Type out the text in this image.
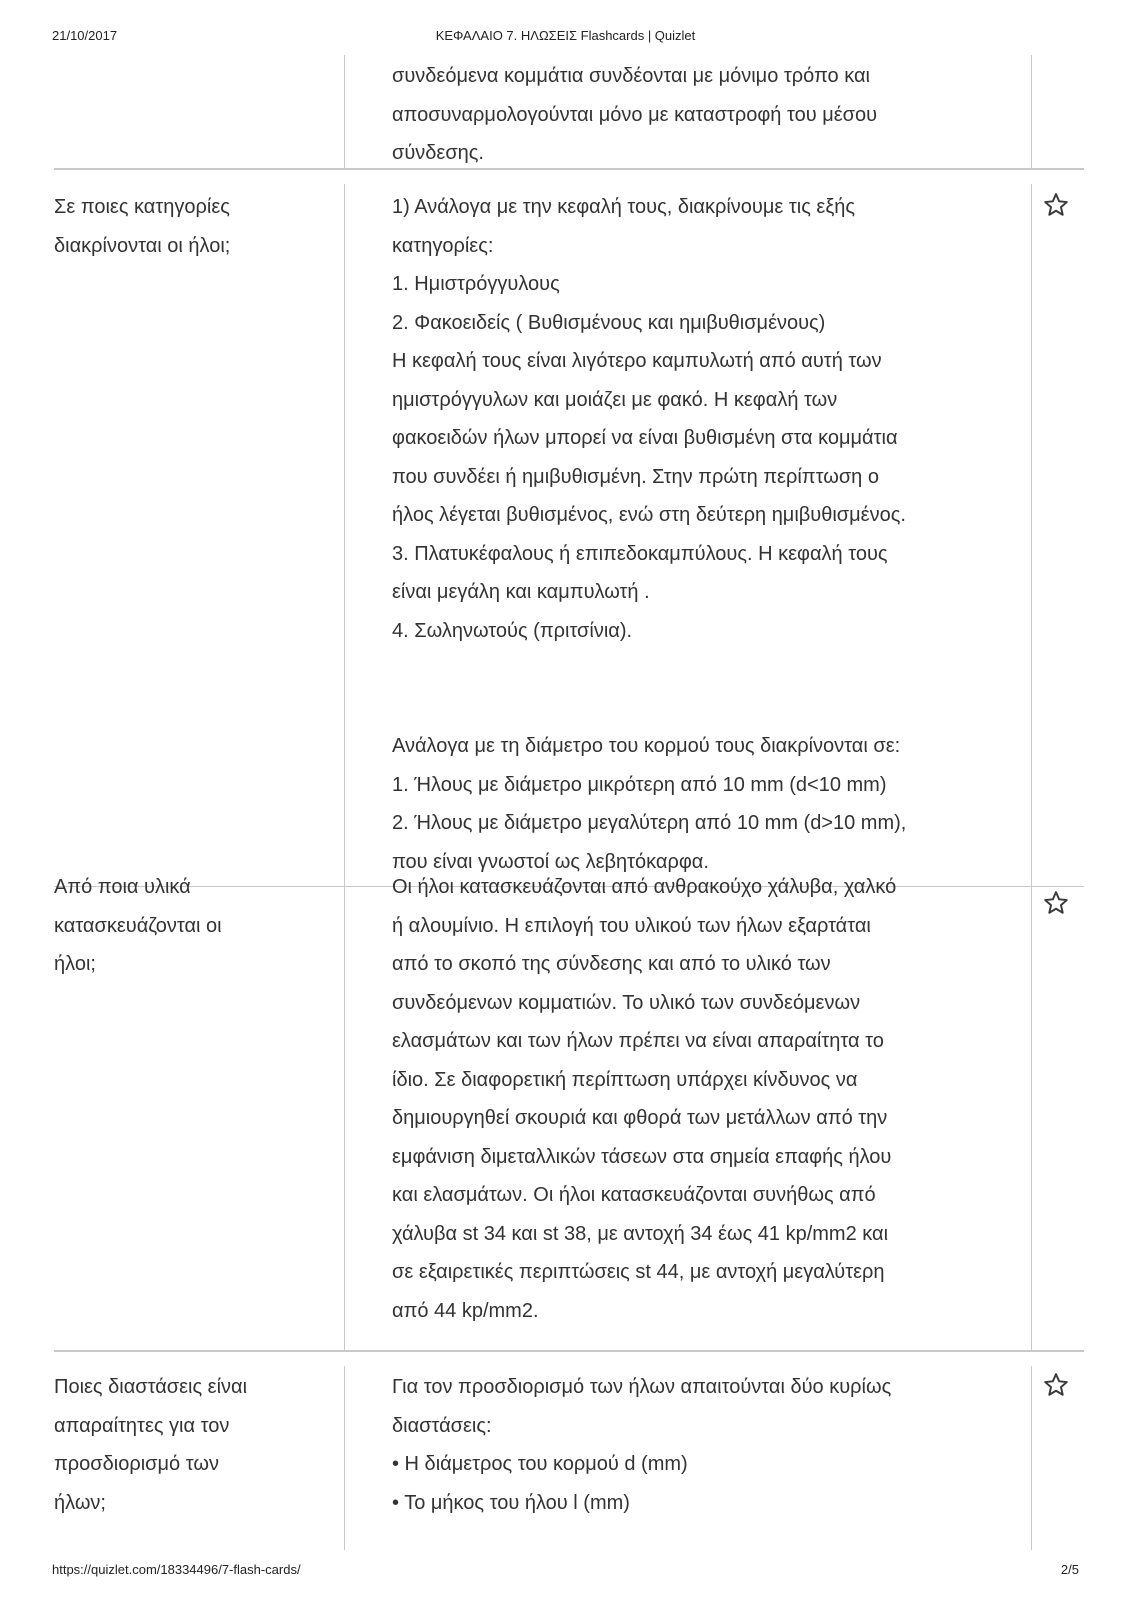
21/10/2017	ΚΕΦΑΛΑΙΟ 7. ΗΛΩΣΕΙΣ Flashcards | Quizlet
συνδεόμενα κομμάτια συνδέονται με μόνιμο τρόπο και
αποσυναρμολογούνται μόνο με καταστροφή του μέσου
σύνδεσης.
Σε ποιες κατηγορίες
διακρίνονται οι ήλοι;
1) Ανάλογα με την κεφαλή τους, διακρίνουμε τις εξής
κατηγορίες:
1. Ημιστρόγγυλους
2. Φακοειδείς ( Βυθισμένους και ημιβυθισμένους)
Η κεφαλή τους είναι λιγότερο καμπυλωτή από αυτή των
ημιστρόγγυλων και μοιάζει με φακό. Η κεφαλή των
φακοειδών ήλων μπορεί να είναι βυθισμένη στα κομμάτια
που συνδέει ή ημιβυθισμένη. Στην πρώτη περίπτωση ο
ήλος λέγεται βυθισμένος, ενώ στη δεύτερη ημιβυθισμένος.
3. Πλατυκέφαλους ή επιπεδοκαμπύλους. Η κεφαλή τους
είναι μεγάλη και καμπυλωτή .
4. Σωληνωτούς (πριτσίνια).
Ανάλογα με τη διάμετρο του κορμού τους διακρίνονται σε:
1. Ήλους με διάμετρο μικρότερη από 10 mm (d<10 mm)
2. Ήλους με διάμετρο μεγαλύτερη από 10 mm (d>10 mm),
που είναι γνωστοί ως λεβητόκαρφα.
Από ποια υλικά
κατασκευάζονται οι
ήλοι;
Οι ήλοι κατασκευάζονται από ανθρακούχο χάλυβα, χαλκό
ή αλουμίνιο. Η επιλογή του υλικού των ήλων εξαρτάται
από το σκοπό της σύνδεσης και από το υλικό των
συνδεόμενων κομματιών. Το υλικό των συνδεόμενων
ελασμάτων και των ήλων πρέπει να είναι απαραίτητα το
ίδιο. Σε διαφορετική περίπτωση υπάρχει κίνδυνος να
δημιουργηθεί σκουριά και φθορά των μετάλλων από την
εμφάνιση διμεταλλικών τάσεων στα σημεία επαφής ήλου
και ελασμάτων. Οι ήλοι κατασκευάζονται συνήθως από
χάλυβα st 34 και st 38, με αντοχή 34 έως 41 kp/mm2 και
σε εξαιρετικές περιπτώσεις st 44, με αντοχή μεγαλύτερη
από 44 kp/mm2.
Ποιες διαστάσεις είναι
απαραίτητες για τον
προσδιορισμό των
ήλων;
Για τον προσδιορισμό των ήλων απαιτούνται δύο κυρίως
διαστάσεις:
• Η διάμετρος του κορμού d (mm)
• Το μήκος του ήλου l (mm)
https://quizlet.com/18334496/7-flash-cards/	2/5
